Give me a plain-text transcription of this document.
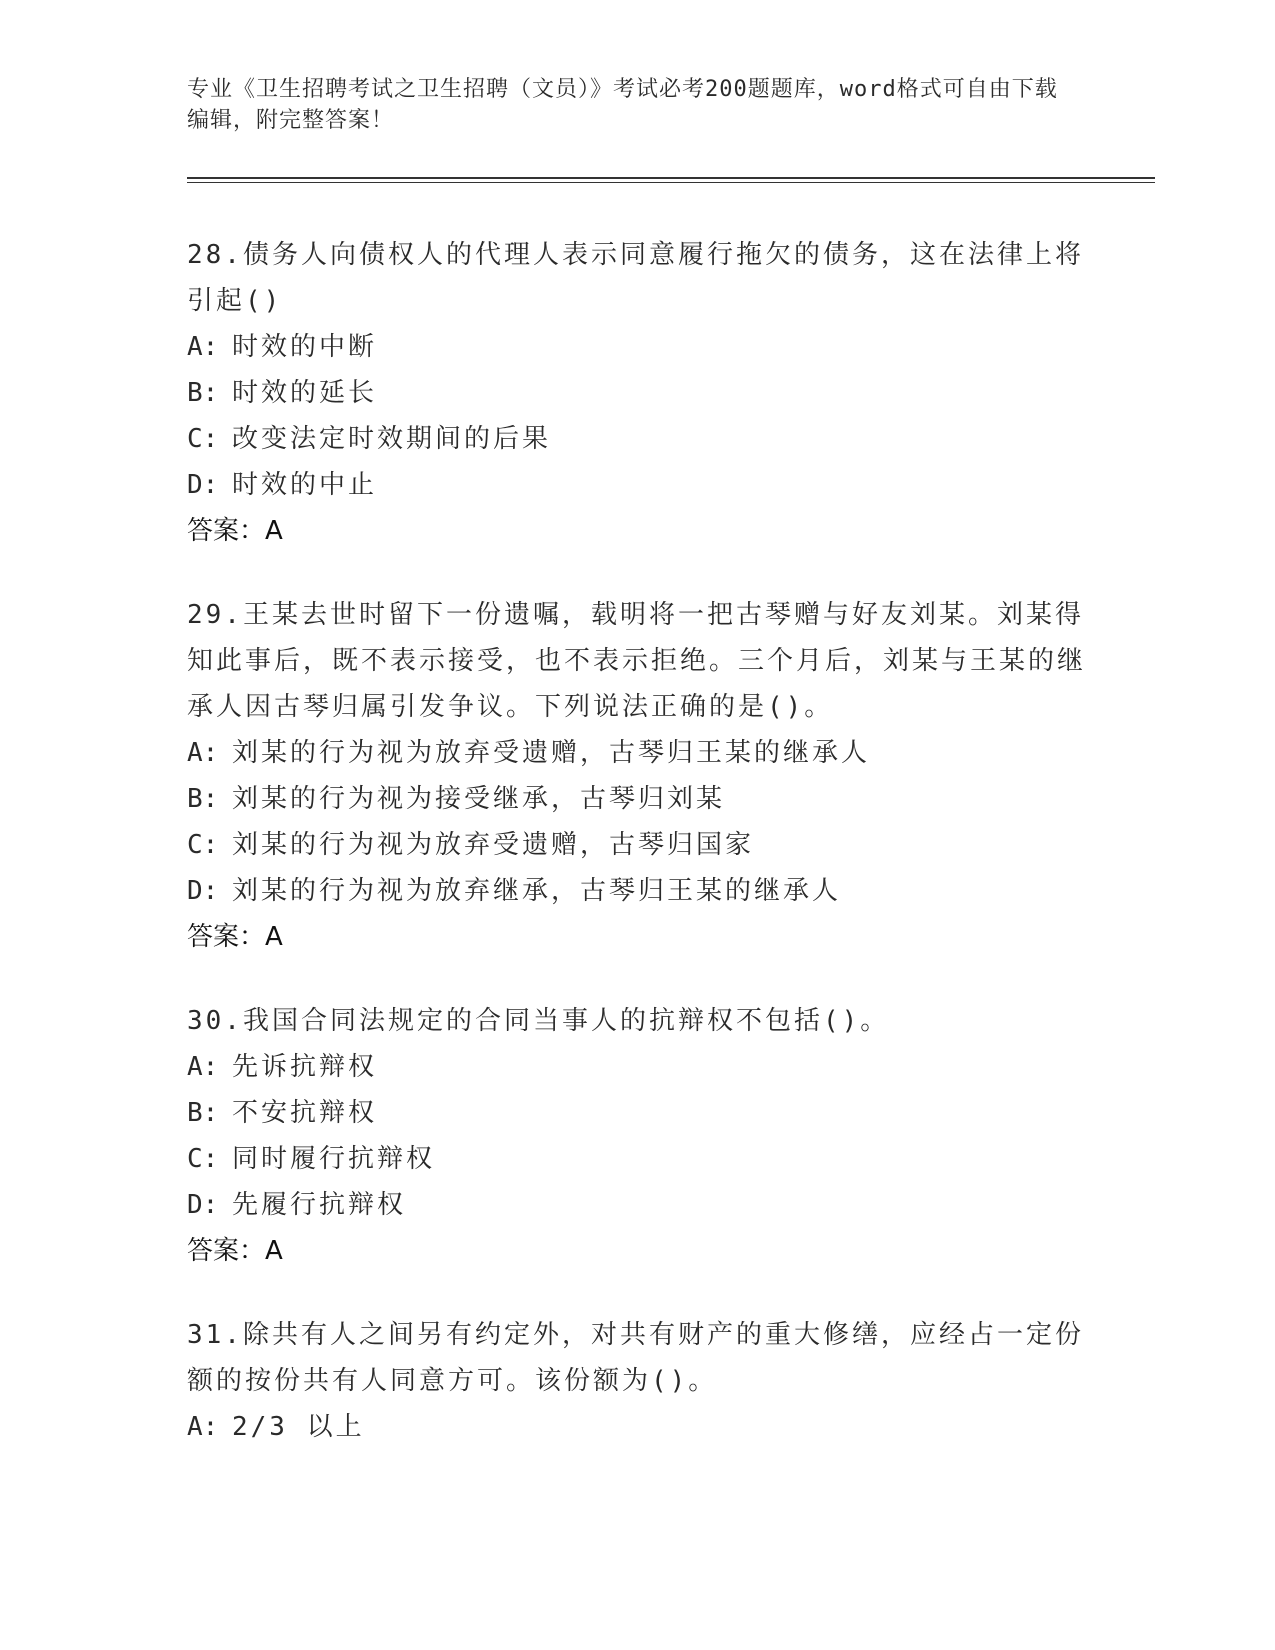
专业《卫生招聘考试之卫生招聘（文员）》考试必考200题题库，word格式可自由下载编辑，附完整答案！
28.债务人向债权人的代理人表示同意履行拖欠的债务，这在法律上将引起()
A: 时效的中断
B: 时效的延长
C: 改变法定时效期间的后果
D: 时效的中止
答案：A
29.王某去世时留下一份遗嘱，载明将一把古琴赠与好友刘某。刘某得知此事后，既不表示接受，也不表示拒绝。三个月后，刘某与王某的继承人因古琴归属引发争议。下列说法正确的是()。
A: 刘某的行为视为放弃受遗赠，古琴归王某的继承人
B: 刘某的行为视为接受继承，古琴归刘某
C: 刘某的行为视为放弃受遗赠，古琴归国家
D: 刘某的行为视为放弃继承，古琴归王某的继承人
答案：A
30.我国合同法规定的合同当事人的抗辩权不包括()。
A: 先诉抗辩权
B: 不安抗辩权
C: 同时履行抗辩权
D: 先履行抗辩权
答案：A
31.除共有人之间另有约定外，对共有财产的重大修缮，应经占一定份额的按份共有人同意方可。该份额为()。
A: 2/3 以上
